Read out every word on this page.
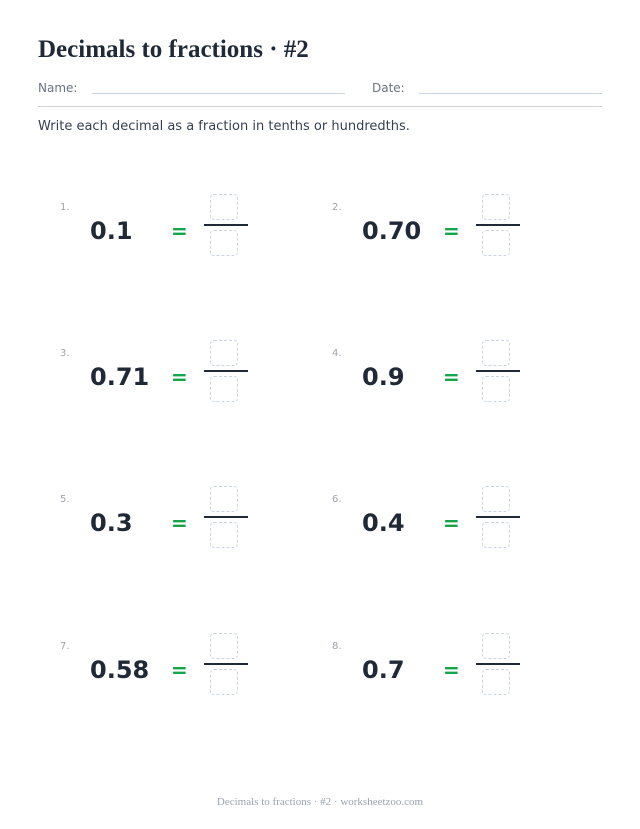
Decimals to fractions · #2
Name:	Date:

Write each decimal as a fraction in tenths or hundredths.

1.
0.1 =
2.
0.70 =
3.
0.71 =
4.
0.9 =
5.
0.3 =
6.
0.4 =
7.
0.58 =
8.
0.7 =
Decimals to fractions · #2 · worksheetzoo.com
